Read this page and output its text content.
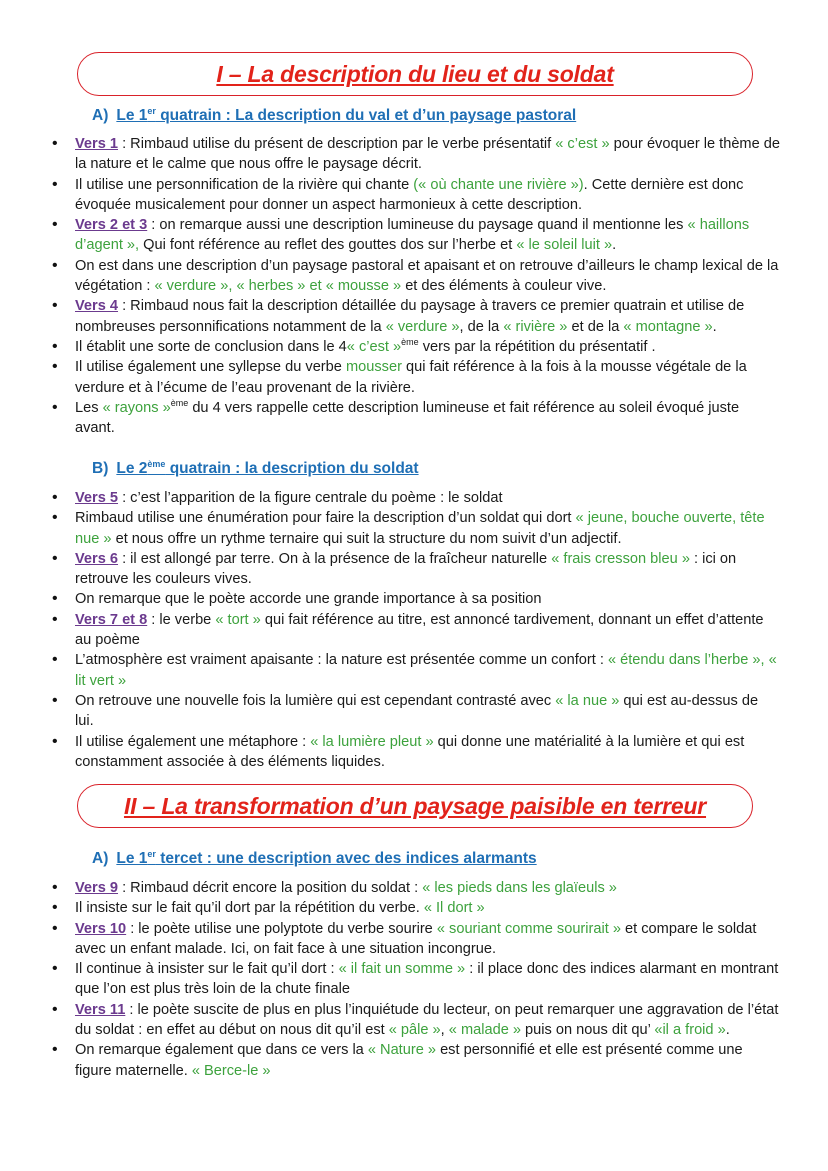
I – La description du lieu et du soldat
A) Le 1er quatrain : La description du val et d’un paysage pastoral
• Vers 1 : Rimbaud utilise du présent de description par le verbe présentatif « c’est » pour évoquer le thème de la nature et le calme que nous offre le paysage décrit.
• Il utilise une personnification de la rivière qui chante (« où chante une rivière »). Cette dernière est donc évoquée musicalement pour donner un aspect harmonieux à cette description.
• Vers 2 et 3 : on remarque aussi une description lumineuse du paysage quand il mentionne les « haillons d’agent », Qui font référence au reflet des gouttes dos sur l’herbe et « le soleil luit ».
• On est dans une description d’un paysage pastoral et apaisant et on retrouve d’ailleurs le champ lexical de la végétation : « verdure », « herbes » et « mousse » et des éléments à couleur vive.
• Vers 4 : Rimbaud nous fait la description détaillée du paysage à travers ce premier quatrain et utilise de nombreuses personnifications notamment de la « verdure », de la « rivière » et de la « montagne ».
• Il établit une sorte de conclusion dans le 4« c’est »$^{ème}$ vers par la répétition du présentatif .
• Il utilise également une syllepse du verbe mousser qui fait référence à la fois à la mousse végétale de la verdure et à l’écume de l’eau provenant de la rivière.
• Les « rayons »$^{ème}$ du 4 vers rappelle cette description lumineuse et fait référence au soleil évoqué juste avant.
B) Le 2ème quatrain : la description du soldat
• Vers 5 : c’est l’apparition de la figure centrale du poème : le soldat
• Rimbaud utilise une énumération pour faire la description d’un soldat qui dort « jeune, bouche ouverte, tête nue » et nous offre un rythme ternaire qui suit la structure du nom suivit d’un adjectif.
• Vers 6 : il est allongé par terre. On à la présence de la fraîcheur naturelle « frais cresson bleu » : ici on retrouve les couleurs vives.
• On remarque que le poète accorde une grande importance à sa position
• Vers 7 et 8 : le verbe « tort » qui fait référence au titre, est annoncé tardivement, donnant un effet d’attente au poème
• L’atmosphère est vraiment apaisante : la nature est présentée comme un confort : « étendu dans l’herbe », « lit vert »
• On retrouve une nouvelle fois la lumière qui est cependant contrasté avec « la nue » qui est au-dessus de lui.
• Il utilise également une métaphore : « la lumière pleut » qui donne une matérialité à la lumière et qui est constamment associée à des éléments liquides.
II – La transformation d’un paysage paisible en terreur
A) Le 1er tercet : une description avec des indices alarmants
• Vers 9 : Rimbaud décrit encore la position du soldat : « les pieds dans les glaïeuls »
• Il insiste sur le fait qu’il dort par la répétition du verbe. « Il dort »
• Vers 10 : le poète utilise une polyptote du verbe sourire « souriant comme sourirait » et compare le soldat avec un enfant malade. Ici, on fait face à une situation incongrue.
• Il continue à insister sur le fait qu’il dort : « il fait un somme » : il place donc des indices alarmant en montrant que l’on est plus très loin de la chute finale
• Vers 11 : le poète suscite de plus en plus l’inquiétude du lecteur, on peut remarquer une aggravation de l’état du soldat : en effet au début on nous dit qu’il est « pâle », « malade » puis on nous dit qu’ «il a froid ».
• On remarque également que dans ce vers la « Nature » est personnifié et elle est présenté comme une figure maternelle. « Berce-le »
